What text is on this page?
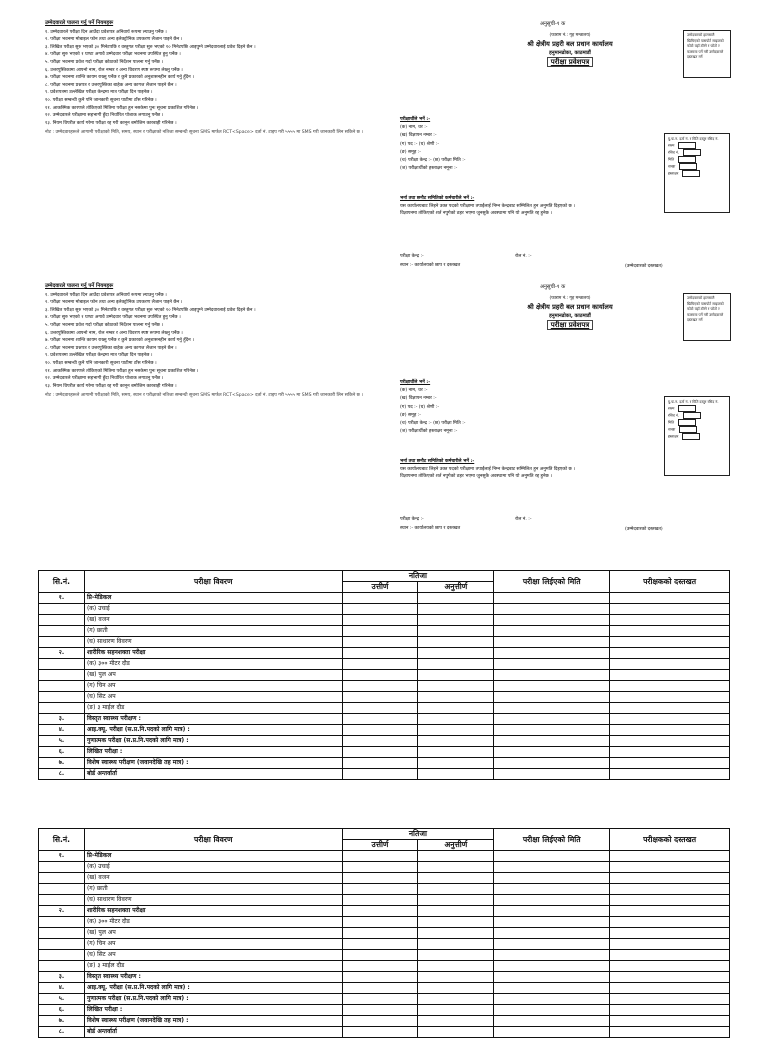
उम्मेदवारले पालना गर्नु पर्ने नियमहरू
१. उम्मेदवारले परीक्षा दिन आउँदा प्रवेशपत्र अनिवार्य रूपमा ल्याउनु पर्नेछ ।
२. परीक्षा भवनमा मोबाइल फोन तथा अन्य इलेक्ट्रोनिक उपकरण लैजान पाइने छैन ।
३. लिखित परीक्षा सुरु भएको ३० मिनेटपछि र वस्तुगत परीक्षा सुरु भएको १० मिनेटपछि आइपुग्ने उम्मेदवारलाई प्रवेश दिइने छैन ।
४. परीक्षा सुरु भएको १ घण्टा अगावै उम्मेदवार परीक्षा भवनमा उपस्थित हुनु पर्नेछ ।
५. परीक्षा भवनमा प्रवेश गर्दा परीक्षा कोठाको निर्देशन पालना गर्नु पर्नेछ ।
६. उत्तरपुस्तिकामा आफ्नो नाम, रोल नम्बर र अन्य विवरण स्पष्ट रूपमा लेख्नु पर्नेछ ।
७. परीक्षा भवनमा शान्ति कायम राख्नु पर्नेछ र कुनै प्रकारको अनुशासनहीन कार्य गर्नु हुँदैन ।
८. परीक्षा भवनमा प्रश्नपत्र र उत्तरपुस्तिका बाहेक अन्य कागज लैजान पाइने छैन ।
९. प्रवेशपत्रमा उल्लेखित परीक्षा केन्द्रमा मात्र परीक्षा दिन पाइनेछ ।
१०. परीक्षा सम्बन्धी कुनै पनि जानकारी सूचना पाटीमा टाँस गरिनेछ ।
११. आकस्मिक कारणले तोकिएको मितिमा परीक्षा हुन नसकेमा पुनः सूचना प्रकाशित गरिनेछ ।
१२. उम्मेदवारले परीक्षामा सहभागी हुँदा निर्धारित पोशाक लगाउनु पर्नेछ ।
१३. नियम विपरीत कार्य गरेमा परीक्षा रद्द गरी कानून बमोजिम कारबाही गरिनेछ ।
नोट : उम्मेदवारहरूले आगामी परीक्षाको मिति, समय, स्थान र परीक्षाको नतिजा सम्बन्धी सूचना SMS मार्फत RCT<Space> दर्ता नं. टाइप गरी ५५५५ मा SMS गरी जानकारी लिन सकिने छ ।
अनुसूची-१ क
(फाराम नं.: गृह मन्त्रालय)
श्री क्षेत्रीय प्रहरी बल प्रधान कार्यालय
हनुमानढोका, काठमाडौं
परीक्षा प्रवेशपत्र
उम्मेदवारको हालसालै खिचिएको पासपोर्ट साइजको फोटो यहाँ टाँस्ने र फोटो र फारममा पर्ने गरी उम्मेदवारले दस्तखत गर्ने
यु.फ.न. दर्ता नं. र मिति दस्तुर रसिद नं.
रकम
रसिद नं.
मिति
शाखा
हस्ताक्षर
परीक्षार्थीले भर्ने :-
(क) नाम, थर :-
(ख) विज्ञापन नम्बर :-
(ग) पद :- (घ) श्रेणी :-
(ङ) समूह :-
(च) परीक्षा केन्द्र :- (छ) परीक्षा मिति :-
(ज) परीक्षार्थीको हस्ताक्षर नमूना :-
भर्ना तथा छनौट समितिको कर्मचारीले भर्ने :-
यस कार्यालयबाट लिइने उक्त पदको परीक्षामा तपाईंलाई निम्न केन्द्रबाट सम्मिलित हुन अनुमति दिइएको छ ।
विज्ञापनमा तोकिएको शर्त नपुगेको ठहर भएमा जुनसुकै अवस्थामा पनि यो अनुमति रद्द हुनेछ ।
परीक्षा केन्द्र :-	रोल नं. :-
स्थान :- कार्यालयको छाप र दस्तखत	(उम्मेदवारको दस्तखत)
उम्मेदवारले पालना गर्नु पर्ने नियमहरू
१. उम्मेदवारले परीक्षा दिन आउँदा प्रवेशपत्र अनिवार्य रूपमा ल्याउनु पर्नेछ ।
२. परीक्षा भवनमा मोबाइल फोन तथा अन्य इलेक्ट्रोनिक उपकरण लैजान पाइने छैन ।
३. लिखित परीक्षा सुरु भएको ३० मिनेटपछि र वस्तुगत परीक्षा सुरु भएको १० मिनेटपछि आइपुग्ने उम्मेदवारलाई प्रवेश दिइने छैन ।
४. परीक्षा सुरु भएको १ घण्टा अगावै उम्मेदवार परीक्षा भवनमा उपस्थित हुनु पर्नेछ ।
५. परीक्षा भवनमा प्रवेश गर्दा परीक्षा कोठाको निर्देशन पालना गर्नु पर्नेछ ।
६. उत्तरपुस्तिकामा आफ्नो नाम, रोल नम्बर र अन्य विवरण स्पष्ट रूपमा लेख्नु पर्नेछ ।
७. परीक्षा भवनमा शान्ति कायम राख्नु पर्नेछ र कुनै प्रकारको अनुशासनहीन कार्य गर्नु हुँदैन ।
८. परीक्षा भवनमा प्रश्नपत्र र उत्तरपुस्तिका बाहेक अन्य कागज लैजान पाइने छैन ।
९. प्रवेशपत्रमा उल्लेखित परीक्षा केन्द्रमा मात्र परीक्षा दिन पाइनेछ ।
१०. परीक्षा सम्बन्धी कुनै पनि जानकारी सूचना पाटीमा टाँस गरिनेछ ।
११. आकस्मिक कारणले तोकिएको मितिमा परीक्षा हुन नसकेमा पुनः सूचना प्रकाशित गरिनेछ ।
१२. उम्मेदवारले परीक्षामा सहभागी हुँदा निर्धारित पोशाक लगाउनु पर्नेछ ।
१३. नियम विपरीत कार्य गरेमा परीक्षा रद्द गरी कानून बमोजिम कारबाही गरिनेछ ।
नोट : उम्मेदवारहरूले आगामी परीक्षाको मिति, समय, स्थान र परीक्षाको नतिजा सम्बन्धी सूचना SMS मार्फत RCT<Space> दर्ता नं. टाइप गरी ५५५५ मा SMS गरी जानकारी लिन सकिने छ ।
अनुसूची-१ क
(फाराम नं.: गृह मन्त्रालय)
श्री क्षेत्रीय प्रहरी बल प्रधान कार्यालय
हनुमानढोका, काठमाडौं
परीक्षा प्रवेशपत्र
उम्मेदवारको हालसालै खिचिएको पासपोर्ट साइजको फोटो यहाँ टाँस्ने र फोटो र फारममा पर्ने गरी उम्मेदवारले दस्तखत गर्ने
यु.फ.न. दर्ता नं. र मिति दस्तुर रसिद नं.
रकम
रसिद नं.
मिति
शाखा
हस्ताक्षर
परीक्षार्थीले भर्ने :-
(क) नाम, थर :-
(ख) विज्ञापन नम्बर :-
(ग) पद :- (घ) श्रेणी :-
(ङ) समूह :-
(च) परीक्षा केन्द्र :- (छ) परीक्षा मिति :-
(ज) परीक्षार्थीको हस्ताक्षर नमूना :-
भर्ना तथा छनौट समितिको कर्मचारीले भर्ने :-
यस कार्यालयबाट लिइने उक्त पदको परीक्षामा तपाईंलाई निम्न केन्द्रबाट सम्मिलित हुन अनुमति दिइएको छ ।
विज्ञापनमा तोकिएको शर्त नपुगेको ठहर भएमा जुनसुकै अवस्थामा पनि यो अनुमति रद्द हुनेछ ।
परीक्षा केन्द्र :-	रोल नं. :-
स्थान :- कार्यालयको छाप र दस्तखत	(उम्मेदवारको दस्तखत)
सि.नं.	परीक्षा विवरण	नतिजा		परीक्षा लिईएको मिति	परीक्षकको दस्तखत
		उत्तीर्ण	अनुत्तीर्ण		
१.	प्रि-मेडिकल				
	(क) उचाई				
	(ख) वजन				
	(ग) छाती				
	(घ) साधारण विवरण				
२.	शारीरिक सहनशक्ता परीक्षा				
	(क) ३०० मीटर दौड				
	(ख) पुल अप				
	(ग) चिन अप				
	(घ) सिट अप				
	(ङ) ३ माईल दौड				
३.	विस्तृत स्वास्थ्य परीक्षण :				
४.	आइ.क्यू. परीक्षा (स.प्र.नि.पदको लागि मात्र) :				
५.	गुणात्मक परीक्षा (स.प्र.नि.पदको लागि मात्र) :				
६.	लिखित परीक्षा :				
७.	विशेष स्वास्थ्य परीक्षण (जवानदेखि तह मात्र) :				
८.	बोर्ड अन्तर्वार्ता				
सि.नं.	परीक्षा विवरण	नतिजा		परीक्षा लिईएको मिति	परीक्षकको दस्तखत
		उत्तीर्ण	अनुत्तीर्ण		
१.	प्रि-मेडिकल				
	(क) उचाई				
	(ख) वजन				
	(ग) छाती				
	(घ) साधारण विवरण				
२.	शारीरिक सहनशक्ता परीक्षा				
	(क) ३०० मीटर दौड				
	(ख) पुल अप				
	(ग) चिन अप				
	(घ) सिट अप				
	(ङ) ३ माईल दौड				
३.	विस्तृत स्वास्थ्य परीक्षण :				
४.	आइ.क्यू. परीक्षा (स.प्र.नि.पदको लागि मात्र) :				
५.	गुणात्मक परीक्षा (स.प्र.नि.पदको लागि मात्र) :				
६.	लिखित परीक्षा :				
७.	विशेष स्वास्थ्य परीक्षण (जवानदेखि तह मात्र) :				
८.	बोर्ड अन्तर्वार्ता				
